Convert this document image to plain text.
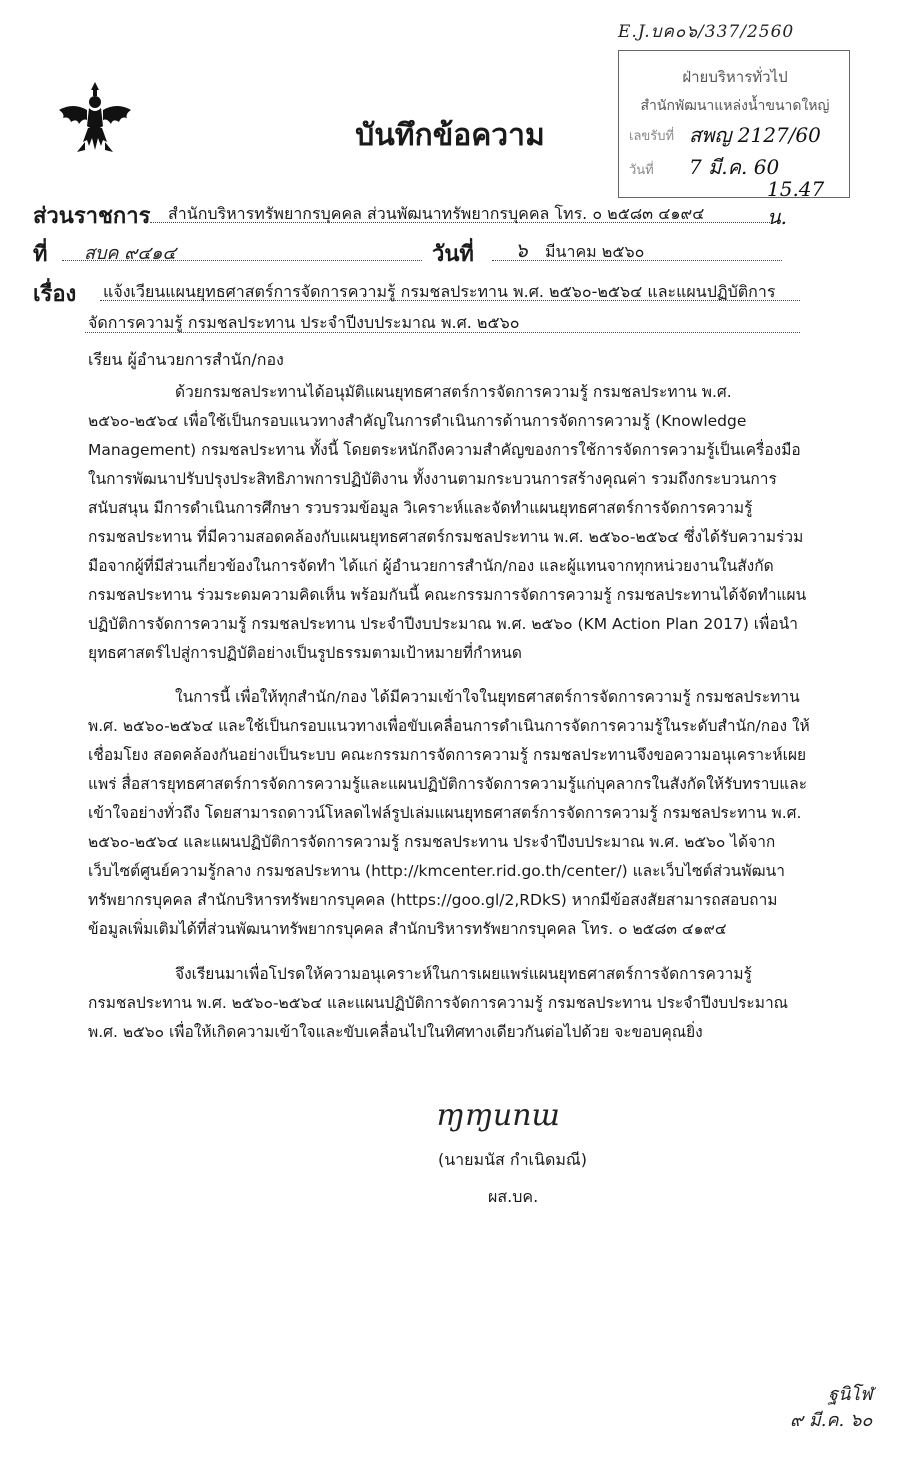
E.J.บค๐๖/337/2560
ฝ่ายบริหารทั่วไป
สำนักพัฒนาแหล่งน้ำขนาดใหญ่
เลขรับที่
วันที่
สพญ 2127/60
7 มี.ค. 60
15.47 น.
บันทึกข้อความ
ส่วนราชการ สำนักบริหารทรัพยากรบุคคล ส่วนพัฒนาทรัพยากรบุคคล โทร. ๐ ๒๕๘๓ ๔๑๙๔
ที่ สบค ๙๔๑๔	วันที่ ๖ มีนาคม ๒๕๖๐
เรื่อง แจ้งเวียนแผนยุทธศาสตร์การจัดการความรู้ กรมชลประทาน พ.ศ. ๒๕๖๐-๒๕๖๔ และแผนปฏิบัติการ
จัดการความรู้ กรมชลประทาน ประจำปีงบประมาณ พ.ศ. ๒๕๖๐
เรียน ผู้อำนวยการสำนัก/กอง

ด้วยกรมชลประทานได้อนุมัติแผนยุทธศาสตร์การจัดการความรู้ กรมชลประทาน พ.ศ. ๒๕๖๐-๒๕๖๔ เพื่อใช้เป็นกรอบแนวทางสำคัญในการดำเนินการด้านการจัดการความรู้ (Knowledge Management) กรมชลประทาน ทั้งนี้ โดยตระหนักถึงความสำคัญของการใช้การจัดการความรู้เป็นเครื่องมือในการพัฒนาปรับปรุงประสิทธิภาพการปฏิบัติงาน ทั้งงานตามกระบวนการสร้างคุณค่า รวมถึงกระบวนการสนับสนุน มีการดำเนินการศึกษา รวบรวมข้อมูล วิเคราะห์และจัดทำแผนยุทธศาสตร์การจัดการความรู้ กรมชลประทาน ที่มีความสอดคล้องกับแผนยุทธศาสตร์กรมชลประทาน พ.ศ. ๒๕๖๐-๒๕๖๔ ซึ่งได้รับความร่วมมือจากผู้ที่มีส่วนเกี่ยวข้องในการจัดทำ ได้แก่ ผู้อำนวยการสำนัก/กอง และผู้แทนจากทุกหน่วยงานในสังกัดกรมชลประทาน ร่วมระดมความคิดเห็น พร้อมกันนี้ คณะกรรมการจัดการความรู้ กรมชลประทานได้จัดทำแผนปฏิบัติการจัดการความรู้ กรมชลประทาน ประจำปีงบประมาณ พ.ศ. ๒๕๖๐ (KM Action Plan 2017) เพื่อนำยุทธศาสตร์ไปสู่การปฏิบัติอย่างเป็นรูปธรรมตามเป้าหมายที่กำหนด

ในการนี้ เพื่อให้ทุกสำนัก/กอง ได้มีความเข้าใจในยุทธศาสตร์การจัดการความรู้ กรมชลประทาน พ.ศ. ๒๕๖๐-๒๕๖๔ และใช้เป็นกรอบแนวทางเพื่อขับเคลื่อนการดำเนินการจัดการความรู้ในระดับสำนัก/กอง ให้เชื่อมโยง สอดคล้องกันอย่างเป็นระบบ คณะกรรมการจัดการความรู้ กรมชลประทานจึงขอความอนุเคราะห์เผยแพร่ สื่อสารยุทธศาสตร์การจัดการความรู้และแผนปฏิบัติการจัดการความรู้แก่บุคลากรในสังกัดให้รับทราบและเข้าใจอย่างทั่วถึง โดยสามารถดาวน์โหลดไฟล์รูปเล่มแผนยุทธศาสตร์การจัดการความรู้ กรมชลประทาน พ.ศ. ๒๕๖๐-๒๕๖๔ และแผนปฏิบัติการจัดการความรู้ กรมชลประทาน ประจำปีงบประมาณ พ.ศ. ๒๕๖๐ ได้จากเว็บไซต์ศูนย์ความรู้กลาง กรมชลประทาน (http://kmcenter.rid.go.th/center/) และเว็บไซต์ส่วนพัฒนาทรัพยากรบุคคล สำนักบริหารทรัพยากรบุคคล (https://goo.gl/2,RDkS) หากมีข้อสงสัยสามารถสอบถามข้อมูลเพิ่มเติมได้ที่ส่วนพัฒนาทรัพยากรบุคคล สำนักบริหารทรัพยากรบุคคล โทร. ๐ ๒๕๘๓ ๔๑๙๔

จึงเรียนมาเพื่อโปรดให้ความอนุเคราะห์ในการเผยแพร่แผนยุทธศาสตร์การจัดการความรู้ กรมชลประทาน พ.ศ. ๒๕๖๐-๒๕๖๔ และแผนปฏิบัติการจัดการความรู้ กรมชลประทาน ประจำปีงบประมาณ พ.ศ. ๒๕๖๐ เพื่อให้เกิดความเข้าใจและขับเคลื่อนไปในทิศทางเดียวกันต่อไปด้วย จะขอบคุณยิ่ง

ɱɱunɯ
(นายมนัส กำเนิดมณี)
ผส.บค.
ฐนิโฬ
๙ มี.ค. ๖๐
